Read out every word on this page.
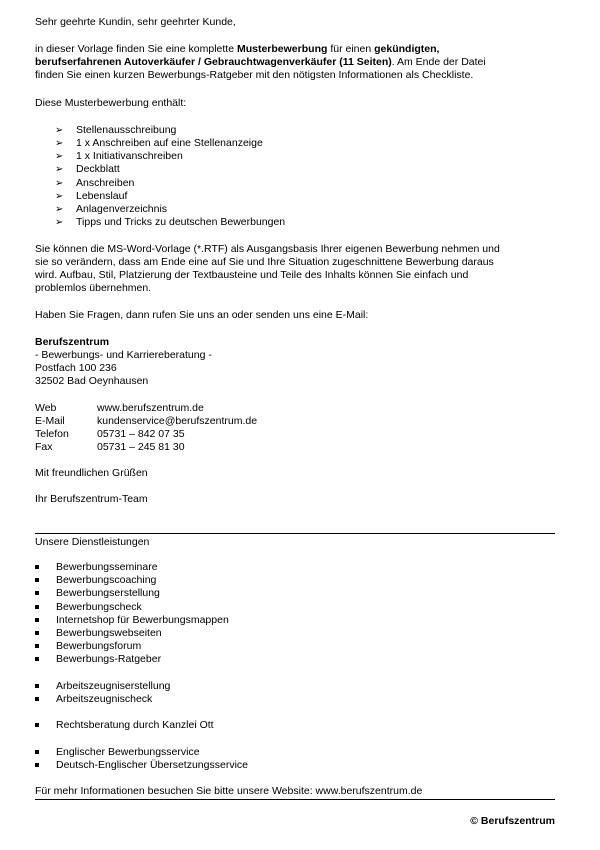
Sehr geehrte Kundin, sehr geehrter Kunde,
in dieser Vorlage finden Sie eine komplette Musterbewerbung für einen gekündigten,
berufserfahrenen Autoverkäufer / Gebrauchtwagenverkäufer (11 Seiten). Am Ende der Datei
finden Sie einen kurzen Bewerbungs-Ratgeber mit den nötigsten Informationen als Checkliste.
Diese Musterbewerbung enthält:
➢ Stellenausschreibung
➢ 1 x Anschreiben auf eine Stellenanzeige
➢ 1 x Initiativanschreiben
➢ Deckblatt
➢ Anschreiben
➢ Lebenslauf
➢ Anlagenverzeichnis
➢ Tipps und Tricks zu deutschen Bewerbungen
Sie können die MS-Word-Vorlage (*.RTF) als Ausgangsbasis Ihrer eigenen Bewerbung nehmen und
sie so verändern, dass am Ende eine auf Sie und Ihre Situation zugeschnittene Bewerbung daraus
wird. Aufbau, Stil, Platzierung der Textbausteine und Teile des Inhalts können Sie einfach und
problemlos übernehmen.
Haben Sie Fragen, dann rufen Sie uns an oder senden uns eine E-Mail:
Berufszentrum
- Bewerbungs- und Karriereberatung -
Postfach 100 236
32502 Bad Oeynhausen
Web	www.berufszentrum.de
E-Mail	kundenservice@berufszentrum.de
Telefon	05731 – 842 07 35
Fax	05731 – 245 81 30
Mit freundlichen Grüßen
Ihr Berufszentrum-Team
Unsere Dienstleistungen
Bewerbungsseminare
Bewerbungscoaching
Bewerbungserstellung
Bewerbungscheck
Internetshop für Bewerbungsmappen
Bewerbungswebseiten
Bewerbungsforum
Bewerbungs-Ratgeber
Arbeitszeugniserstellung
Arbeitszeugnischeck
Rechtsberatung durch Kanzlei Ott
Englischer Bewerbungsservice
Deutsch-Englischer Übersetzungsservice
Für mehr Informationen besuchen Sie bitte unsere Website: www.berufszentrum.de
© Berufszentrum
